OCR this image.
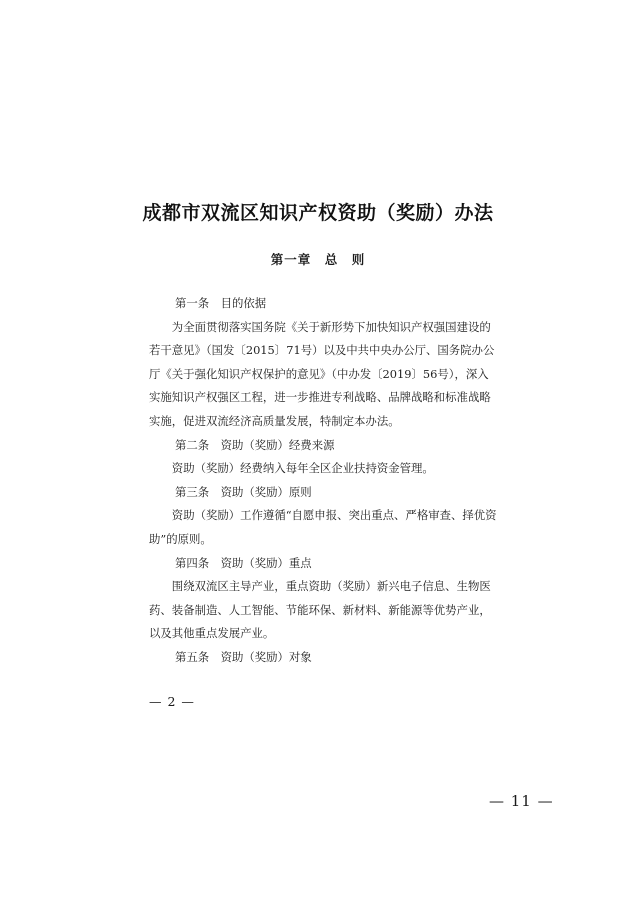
成都市双流区知识产权资助（奖励）办法
第一章　总　则

第一条　目的依据

为全面贯彻落实国务院《关于新形势下加快知识产权强国建设的若干意见》（国发〔2015〕71号）以及中共中央办公厅、国务院办公厅《关于强化知识产权保护的意见》（中办发〔2019〕56号），深入实施知识产权强区工程，进一步推进专利战略、品牌战略和标准战略实施，促进双流经济高质量发展，特制定本办法。

第二条　资助（奖励）经费来源

资助（奖励）经费纳入每年全区企业扶持资金管理。

第三条　资助（奖励）原则

资助（奖励）工作遵循“自愿申报、突出重点、严格审查、择优资助”的原则。

第四条　资助（奖励）重点

围绕双流区主导产业，重点资助（奖励）新兴电子信息、生物医药、装备制造、人工智能、节能环保、新材料、新能源等优势产业，以及其他重点发展产业。

第五条　资助（奖励）对象

— 2 —
— 11 —
